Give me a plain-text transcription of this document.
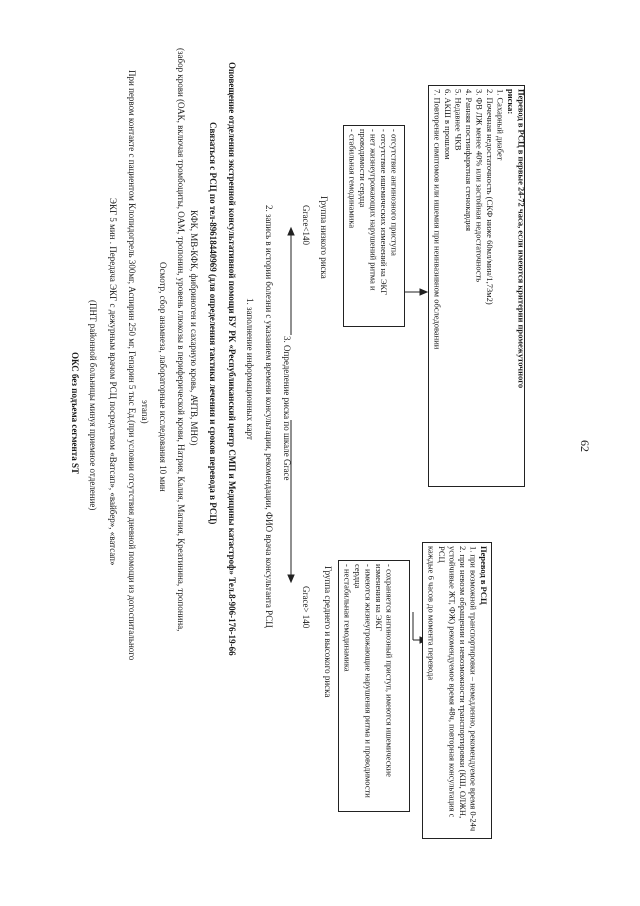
ОКС без подъема сегмента ST (ПНТ районной больницы минуя приемное отделение) ЭКГ 5 мин . Передача ЭКГ с дежурным врачом РСЦ посредством «Ватсап», «вайбер», «ватсап» При первом контакте с пациентом Клопидогрель 300мг, Аспирин 250 мг, Гепарин 5 тыс Ед.(при условии отсутствия дневной помощи из догоспитального этапа) Осмотр, сбор анамнеза, лабораторные исследования 10 мин (забор крови (ОАК, включая тромбоциты, ОАМ, тропонин, уровень глюкозы в периферической крови, Натрия, Калия, Магния, Креатинина, тропонина, КФК, МВ-КФК, фибриноген и сахарную кровь, АЧТВ, МНО) Связаться с РСЦ по тел-89618440969 (для определения тактики лечения и сроков перевода в РСЦ) Оповещение отделения экстренной консультативной помощи БУ РК «Республиканский центр СМП и Медицины катастроф» Тел.8-906-176-19-66 1. заполнение информационных карт 2. запись в истории болезни с указанием времени консультации, рекомендации, ФИО врача консультанта РСЦ 3. Определение риска по шкале Grace
Grace> 140
Grace<140
Группа среднего и высокого риска
Группа низкого риска
- сохраняется ангинозный приступ, имеются ишемические
изменения на ЭКГ
- имеются жизнеугрожающие нарушения ритма и проводимости
сердца
- нестабильная гемодинамика
- отсутствие ангинозного приступа
- отсутствие ишемических изменений на ЭКГ
- нет жизнеугрожающих нарушений ритма и
проводимости сердца
- стабильная гемодинамика

Перевод в РСЦ

1. при возможной транспортировки – немедленно, рекомендуемое время 0-24ч
2. при невозм обращении и невозможности транспортировки (КШ, ОЛЖН,
устойчивые ЖТ, ФЖ) рекомендуемое время 48ч, повторная консультация с РСЦ
каждые 6 часов до момента перевода

Перевод в РСЦ в первые 24-72 часа, если имеются критерии промежуточного

риска:
1. Сахарный диабет
2. Почечная недостаточность (СКФ ниже 60мл/мин/1,73м2)
3. ФВ ЛЖ менее 40% или застойная недостаточность
4. Ранняя постинфарктная стенокардия
5. Недавнее ЧКВ
6. АКШ в прошлом
7. Повторение симптомов или ишемия при неинвазивном обследовании
62
